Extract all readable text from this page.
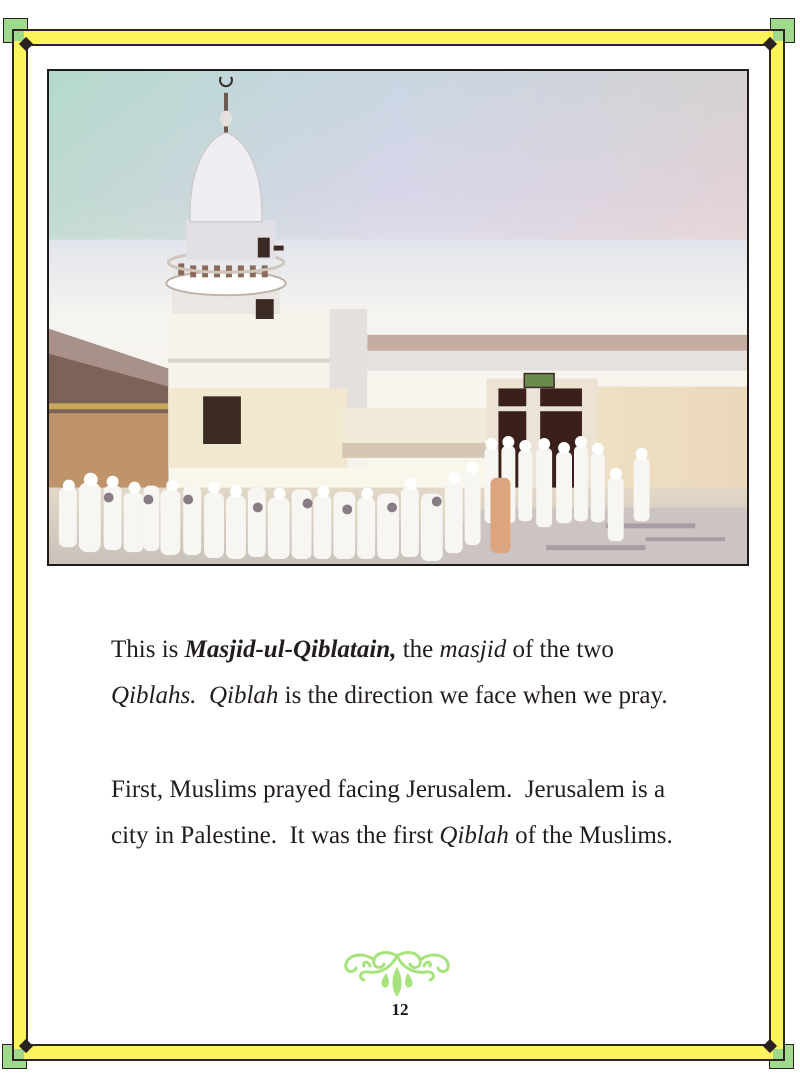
This is Masjid-ul-Qiblatain, the masjid of the two
Qiblahs. Qiblah is the direction we face when we pray.
First, Muslims prayed facing Jerusalem.  Jerusalem is a
city in Palestine.  It was the first Qiblah of the Muslims.
12
